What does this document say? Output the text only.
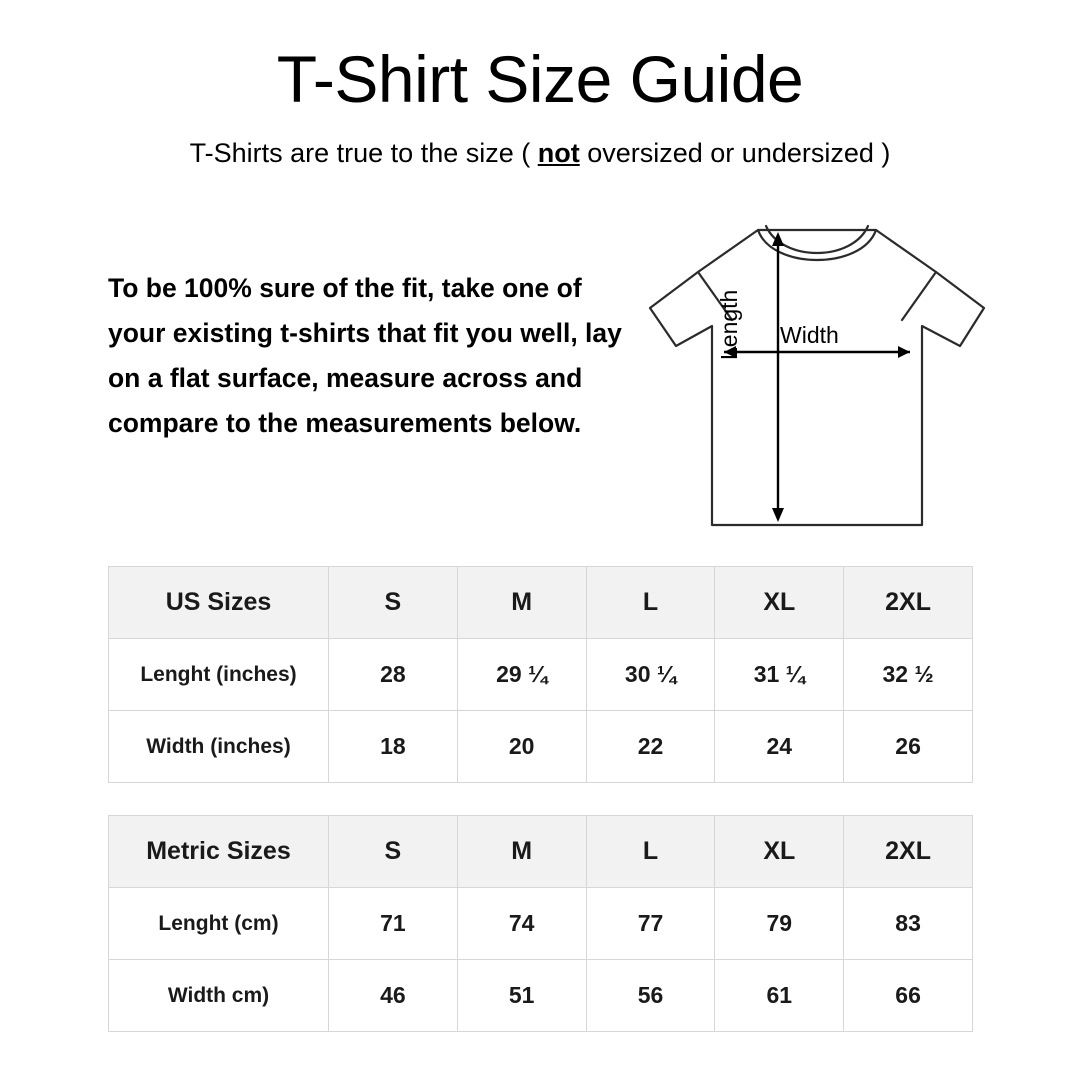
T-Shirt Size Guide
T-Shirts are true to the size ( not oversized or undersized )
To be 100% sure of the fit, take one of your existing t-shirts that fit you well, lay on a flat surface, measure across and compare to the measurements below.
Width
Length
US Sizes	S	M	L	XL	2XL
Lenght (inches)	28	29 ¼	30 ¼	31 ¼	32 ½
Width (inches)	18	20	22	24	26
Metric Sizes	S	M	L	XL	2XL
Lenght (cm)	71	74	77	79	83
Width cm)	46	51	56	61	66
